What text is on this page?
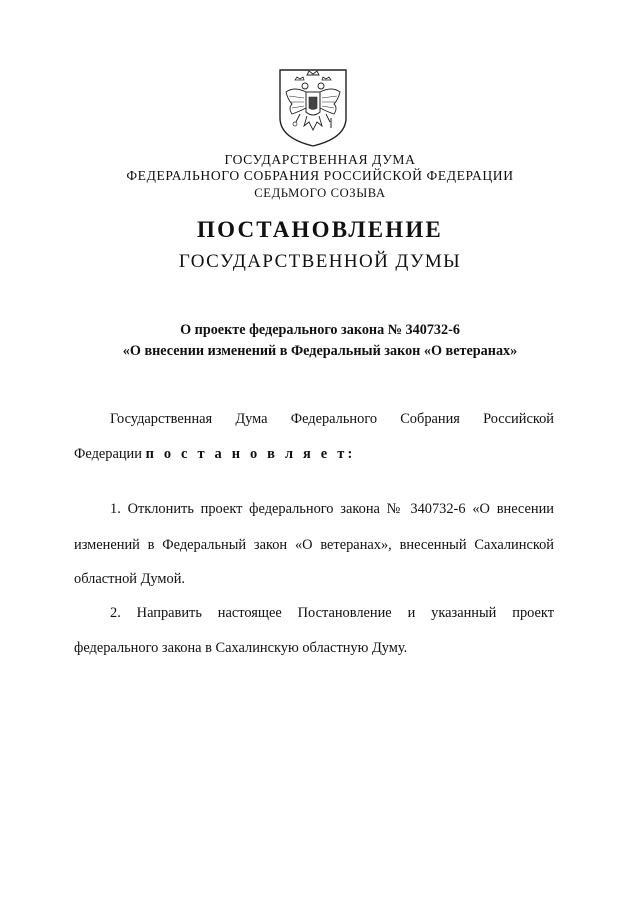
ГОСУДАРСТВЕННАЯ ДУМА
ФЕДЕРАЛЬНОГО СОБРАНИЯ РОССИЙСКОЙ ФЕДЕРАЦИИ
СЕДЬМОГО СОЗЫВА
ПОСТАНОВЛЕНИЕ
ГОСУДАРСТВЕННОЙ ДУМЫ
О проекте федерального закона № 340732-6
«О внесении изменений в Федеральный закон «О ветеранах»
Государственная Дума Федерального Собрания Российской
Федерации п о с т а н о в л я е т:
1. Отклонить проект федерального закона № 340732-6 «О внесении
изменений в Федеральный закон «О ветеранах», внесенный Сахалинской
областной Думой.
2. Направить настоящее Постановление и указанный проект
федерального закона в Сахалинскую областную Думу.
